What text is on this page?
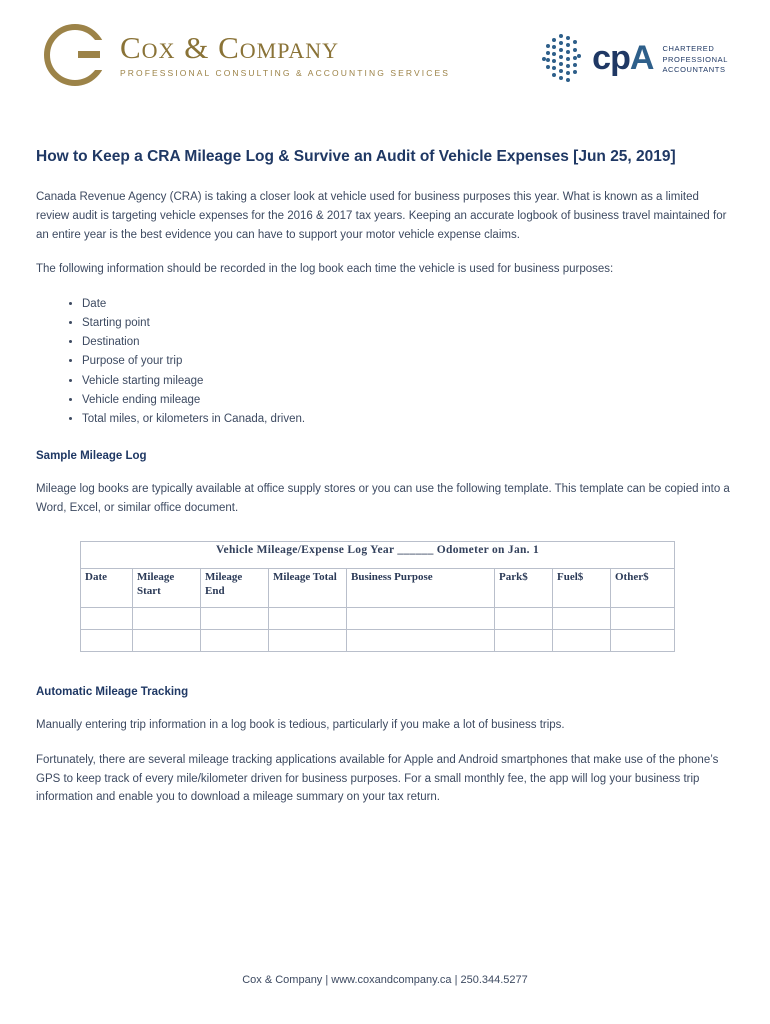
Cox & Company
PROFESSIONAL CONSULTING & ACCOUNTING SERVICES	cpA CHARTERED
PROFESSIONAL
ACCOUNTANTS
How to Keep a CRA Mileage Log & Survive an Audit of Vehicle Expenses [Jun 25, 2019]

Canada Revenue Agency (CRA) is taking a closer look at vehicle used for business purposes this year. What is known as a limited review audit is targeting vehicle expenses for the 2016 & 2017 tax years. Keeping an accurate logbook of business travel maintained for an entire year is the best evidence you can have to support your motor vehicle expense claims.

The following information should be recorded in the log book each time the vehicle is used for business purposes:

• Date
• Starting point
• Destination
• Purpose of your trip
• Vehicle starting mileage
• Vehicle ending mileage
• Total miles, or kilometers in Canada, driven.
Sample Mileage Log

Mileage log books are typically available at office supply stores or you can use the following template. This template can be copied into a Word, Excel, or similar office document.

Vehicle Mileage/Expense Log Year ______ Odometer on Jan. 1							
Date	Mileage Start	Mileage End	Mileage Total	Business Purpose	Park$	Fuel$	Other$

Automatic Mileage Tracking

Manually entering trip information in a log book is tedious, particularly if you make a lot of business trips.

Fortunately, there are several mileage tracking applications available for Apple and Android smartphones that make use of the phone’s GPS to keep track of every mile/kilometer driven for business purposes. For a small monthly fee, the app will log your business trip information and enable you to download a mileage summary on your tax return.

Cox & Company | www.coxandcompany.ca | 250.344.5277
